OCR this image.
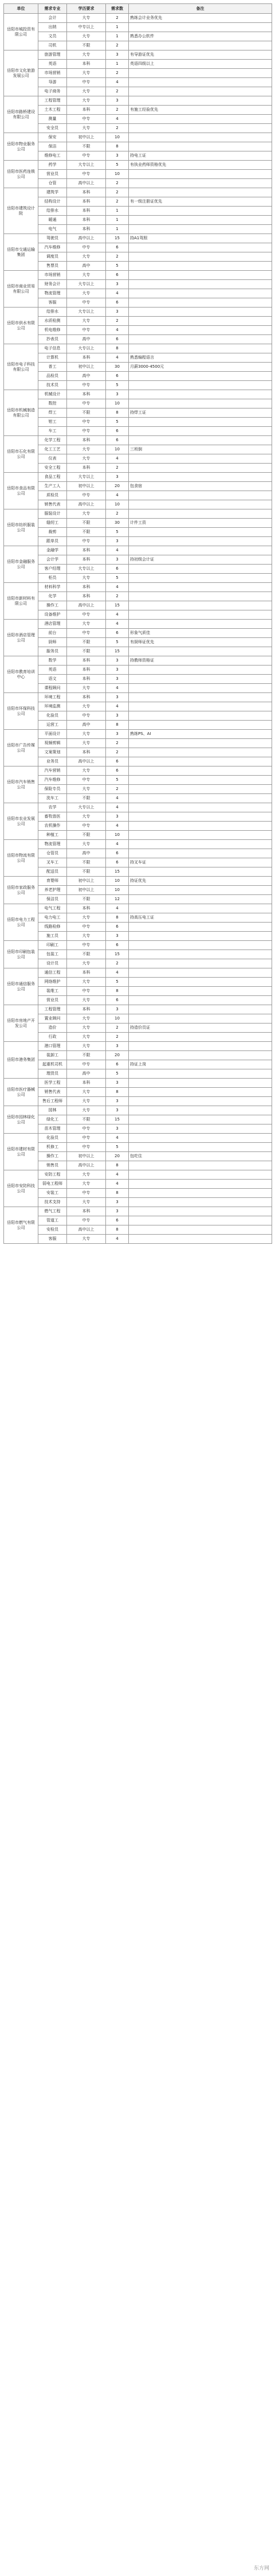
单位	需求专业	学历要求	需求数	备注
岳阳市城投资有限公司	会计	大专	2	熟练会计业务优先
	出纳	中专以上	1	
	文员	大专	1	熟悉办公软件
	司机	不限	2	
岳阳市文化旅游发展公司	旅游管理	大专	3	有导游证优先
	英语	本科	1	英语四级以上
	市场营销	大专	2	
	导游	中专	4	
	电子商务	大专	2	
岳阳市路桥建设有限公司	工程管理	大专	3	
	土木工程	本科	2	有施工经验优先
	测量	中专	4	
	安全员	大专	2	
岳阳市物业服务公司	保安	初中以上	10	
	保洁	不限	8	
	维修电工	中专	3	持电工证
岳阳市医药连锁公司	药学	大专以上	5	有执业药师资格优先
	营业员	中专	10	
	仓管	高中以上	2	
岳阳市建筑设计院	建筑学	本科	2	
	结构设计	本科	2	有一级注册证优先
	给排水	本科	1	
	暖通	本科	1	
	电气	本科	1	
岳阳市交通运输集团	驾驶员	高中以上	15	持A1驾照
	汽车维修	中专	6	
	调度员	大专	2	
	售票员	高中	5	
岳阳市商业贸易有限公司	市场营销	大专	6	
	财务会计	大专以上	3	
	物流管理	大专	4	
	客服	中专	6	
岳阳市供水有限公司	给排水	大专以上	3	
	水质检测	大专	2	
	机电维修	中专	4	
	抄表员	高中	6	
岳阳市电子科技有限公司	电子信息	大专以上	8	
	计算机	本科	4	熟悉编程语言
	普工	初中以上	30	月薪3000-4500元
	品检员	高中	6	
	技术员	中专	5	
岳阳市机械制造有限公司	机械设计	本科	3	
	数控	中专	10	
	焊工	不限	8	持焊工证
	钳工	中专	5	
	车工	中专	6	
岳阳市石化有限公司	化学工程	本科	6	
	化工工艺	大专	10	三班倒
	仪表	大专	4	
	安全工程	本科	2	
岳阳市食品有限公司	食品工程	大专以上	3	
	生产工人	初中以上	20	包食宿
	质检员	中专	4	
	销售代表	高中以上	10	
岳阳市纺织服装公司	服装设计	大专	2	
	缝纫工	不限	30	计件工资
	裁剪	不限	5	
	跟单员	中专	3	
岳阳市金融服务公司	金融学	本科	4	
	会计学	本科	3	持初级会计证
	客户经理	大专以上	6	
	柜员	大专	5	
岳阳市新材料有限公司	材料科学	本科	4	
	化学	本科	2	
	操作工	高中以上	15	
	设备维护	中专	4	
岳阳市酒店管理公司	酒店管理	大专	4	
	前台	中专	6	形象气质佳
	厨师	不限	5	有厨师证优先
	服务员	不限	15	
岳阳市教育培训中心	数学	本科	3	持教师资格证
	英语	本科	3	
	语文	本科	3	
	课程顾问	大专	4	
岳阳市环保科技公司	环境工程	本科	3	
	环境监测	大专	4	
	化验员	中专	3	
	运营工	高中	8	
岳阳市广告传媒公司	平面设计	大专	3	熟练PS、AI
	视频剪辑	大专	2	
	文案策划	本科	2	
	业务员	高中以上	6	
岳阳市汽车销售公司	汽车营销	大专	6	
	汽车维修	中专	5	
	保险专员	大专	2	
	洗车工	不限	4	
岳阳市农业发展公司	农学	大专以上	4	
	畜牧兽医	大专	3	
	农机操作	中专	4	
	种植工	不限	10	
岳阳市物流有限公司	物流管理	大专	4	
	仓管员	高中	6	
	叉车工	不限	6	持叉车证
	配送员	不限	15	
岳阳市家政服务公司	育婴师	初中以上	10	持证优先
	养老护理	初中以上	10	
	保洁员	不限	12	
岳阳市电力工程公司	电气工程	本科	4	
	电力电工	大专	8	持高压电工证
	线路检修	中专	6	
	施工员	大专	3	
岳阳市印刷包装公司	印刷工	中专	6	
	包装工	不限	15	
	设计员	大专	2	
岳阳市通信服务公司	通信工程	本科	4	
	网络维护	大专	5	
	装维工	中专	8	
	营业员	大专	6	
岳阳市房地产开发公司	工程管理	本科	3	
	置业顾问	大专	10	
	造价	大专	2	持造价员证
	行政	大专	2	
岳阳市港务集团	港口管理	大专	3	
	装卸工	不限	20	
	起重机司机	中专	6	持证上岗
	理货员	高中	5	
岳阳市医疗器械公司	医学工程	本科	3	
	销售代表	大专	8	
	售后工程师	大专	3	
岳阳市园林绿化公司	园林	大专	3	
	绿化工	不限	15	
	苗木管理	中专	3	
岳阳市建材有限公司	化验员	中专	4	
	机修工	中专	5	
	操作工	初中以上	20	包吃住
	销售员	高中以上	8	
岳阳市安防科技公司	安防工程	大专	4	
	弱电工程师	大专	4	
	安装工	中专	8	
	技术支持	大专	3	
岳阳市燃气有限公司	燃气工程	本科	3	
	管道工	中专	6	
	安检员	高中以上	8	
	客服	大专	4	
东方网
